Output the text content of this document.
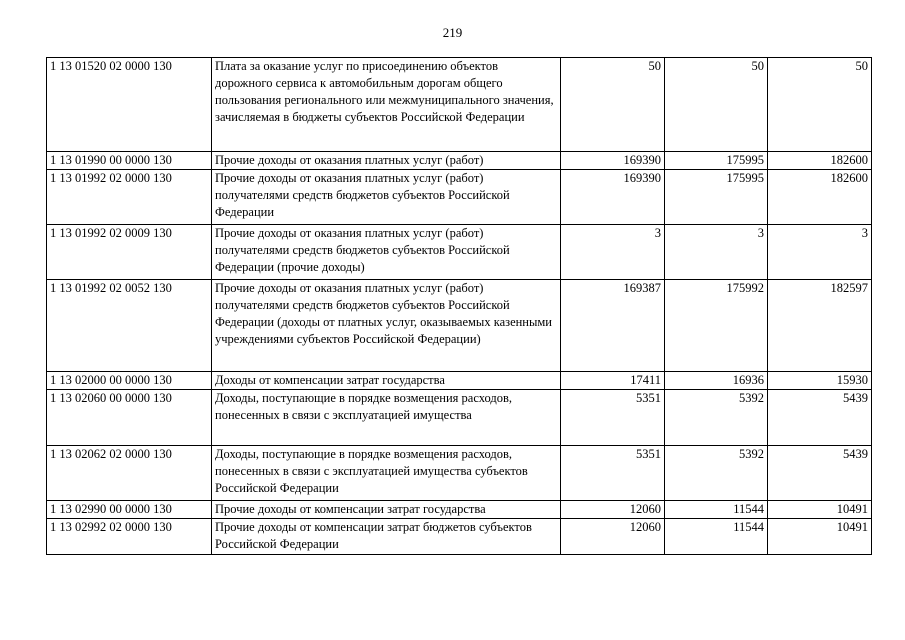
219
1 13 01520 02 0000 130	Плата за оказание услуг по присоединению объектов дорожного сервиса к автомобильным дорогам общего пользования регионального или межмуниципального значения, зачисляемая в бюджеты субъектов Российской Федерации	50	50	50
1 13 01990 00 0000 130	Прочие доходы от оказания платных услуг (работ)	169390	175995	182600
1 13 01992 02 0000 130	Прочие доходы от оказания платных услуг (работ) получателями средств бюджетов субъектов Российской Федерации	169390	175995	182600
1 13 01992 02 0009 130	Прочие доходы от оказания платных услуг (работ) получателями средств бюджетов субъектов Российской Федерации (прочие доходы)	3	3	3
1 13 01992 02 0052 130	Прочие доходы от оказания платных услуг (работ) получателями средств бюджетов субъектов Российской Федерации (доходы от платных услуг, оказываемых казенными учреждениями субъектов Российской Федерации)	169387	175992	182597
1 13 02000 00 0000 130	Доходы от компенсации затрат государства	17411	16936	15930
1 13 02060 00 0000 130	Доходы, поступающие в порядке возмещения расходов, понесенных в связи с эксплуатацией имущества	5351	5392	5439
1 13 02062 02 0000 130	Доходы, поступающие в порядке возмещения расходов, понесенных в связи с эксплуатацией имущества субъектов Российской Федерации	5351	5392	5439
1 13 02990 00 0000 130	Прочие доходы от компенсации затрат государства	12060	11544	10491
1 13 02992 02 0000 130	Прочие доходы от компенсации затрат бюджетов субъектов Российской Федерации	12060	11544	10491
